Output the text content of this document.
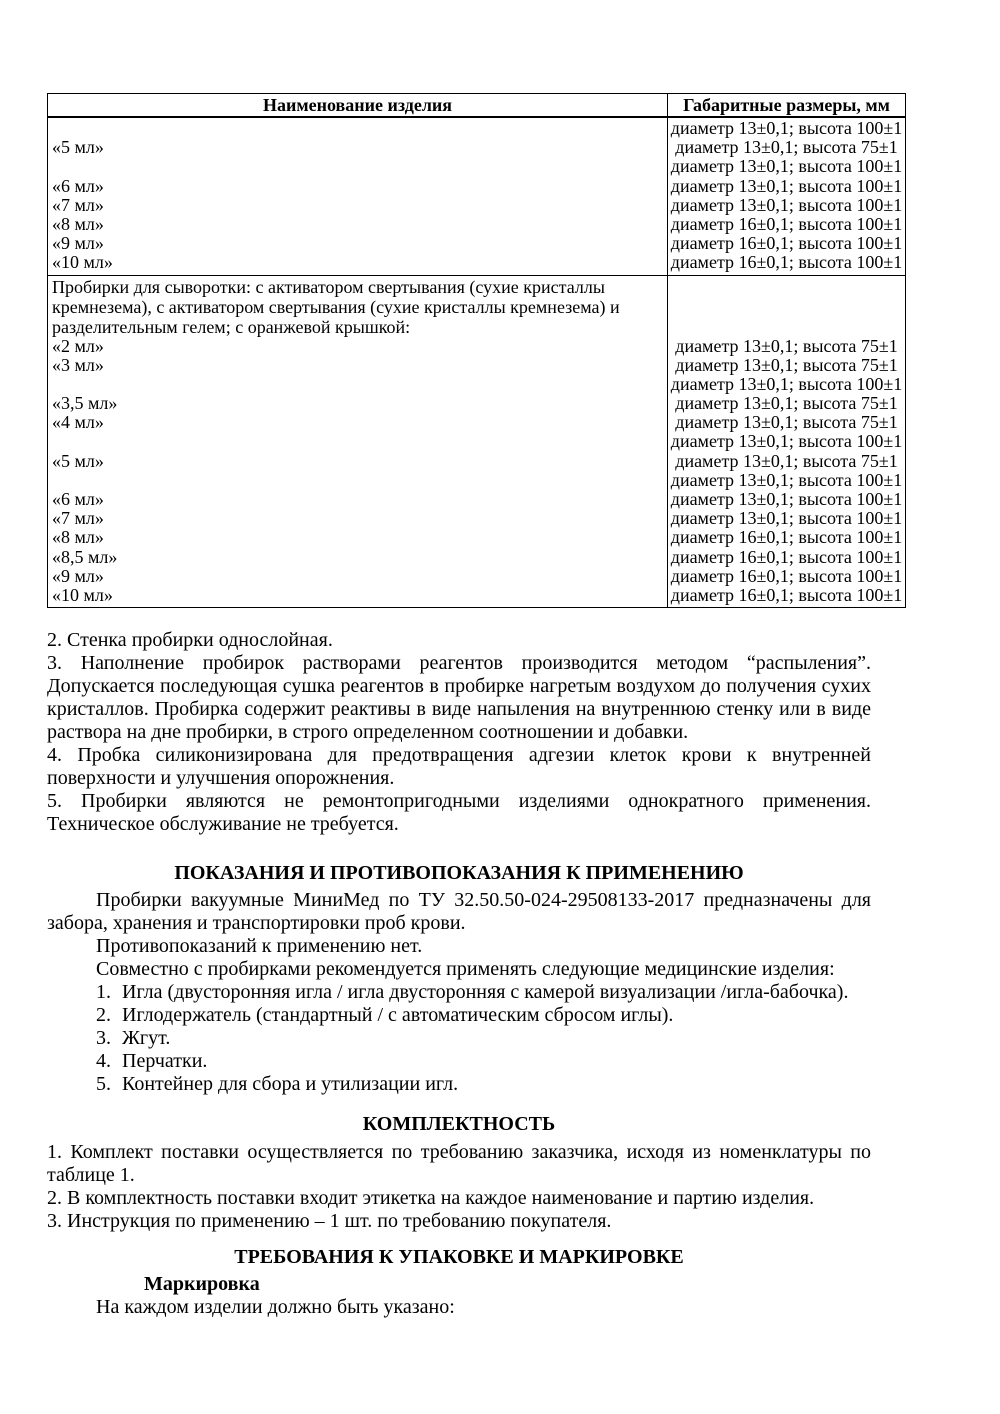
Наименование изделия	Габаритные размеры, мм
«5 мл»
«6 мл»
«7 мл»
«8 мл»
«9 мл»
«10 мл»
диаметр 13±0,1; высота 100±1
диаметр 13±0,1; высота 75±1
диаметр 13±0,1; высота 100±1
диаметр 13±0,1; высота 100±1
диаметр 13±0,1; высота 100±1
диаметр 16±0,1; высота 100±1
диаметр 16±0,1; высота 100±1
диаметр 16±0,1; высота 100±1
Пробирки для сыворотки: с активатором свертывания (сухие кристаллы кремнезема), с активатором свертывания (сухие кристаллы кремнезема) и разделительным гелем; с оранжевой крышкой:
«2 мл»
«3 мл»
«3,5 мл»
«4 мл»
«5 мл»
«6 мл»
«7 мл»
«8 мл»
«8,5 мл»
«9 мл»
«10 мл»
диаметр 13±0,1; высота 75±1
диаметр 13±0,1; высота 75±1
диаметр 13±0,1; высота 100±1
диаметр 13±0,1; высота 75±1
диаметр 13±0,1; высота 75±1
диаметр 13±0,1; высота 100±1
диаметр 13±0,1; высота 75±1
диаметр 13±0,1; высота 100±1
диаметр 13±0,1; высота 100±1
диаметр 13±0,1; высота 100±1
диаметр 16±0,1; высота 100±1
диаметр 16±0,1; высота 100±1
диаметр 16±0,1; высота 100±1
диаметр 16±0,1; высота 100±1

2. Стенка пробирки однослойная.

3. Наполнение пробирок растворами реагентов производится методом “распыления”. Допускается последующая сушка реагентов в пробирке нагретым воздухом до получения сухих кристаллов. Пробирка содержит реактивы в виде напыления на внутреннюю стенку или в виде раствора на дне пробирки, в строго определенном соотношении и добавки.

4. Пробка силиконизирована для предотвращения адгезии клеток крови к внутренней поверхности и улучшения опорожнения.

5. Пробирки являются не ремонтопригодными изделиями однократного применения. Техническое обслуживание не требуется.

ПОКАЗАНИЯ И ПРОТИВОПОКАЗАНИЯ К ПРИМЕНЕНИЮ

Пробирки вакуумные МиниМед по ТУ 32.50.50-024-29508133-2017 предназначены для забора, хранения и транспортировки проб крови.

Противопоказаний к применению нет.

Совместно с пробирками рекомендуется применять следующие медицинские изделия:

1. Игла (двусторонняя игла / игла двусторонняя с камерой визуализации /игла-бабочка).
2. Иглодержатель (стандартный / с автоматическим сбросом иглы).
3. Жгут.
4. Перчатки.
5. Контейнер для сбора и утилизации игл.
КОМПЛЕКТНОСТЬ

1. Комплект поставки осуществляется по требованию заказчика, исходя из номенклатуры по таблице 1.

2. В комплектность поставки входит этикетка на каждое наименование и партию изделия.

3. Инструкция по применению – 1 шт. по требованию покупателя.

ТРЕБОВАНИЯ К УПАКОВКЕ И МАРКИРОВКЕ
Маркировка

На каждом изделии должно быть указано:
